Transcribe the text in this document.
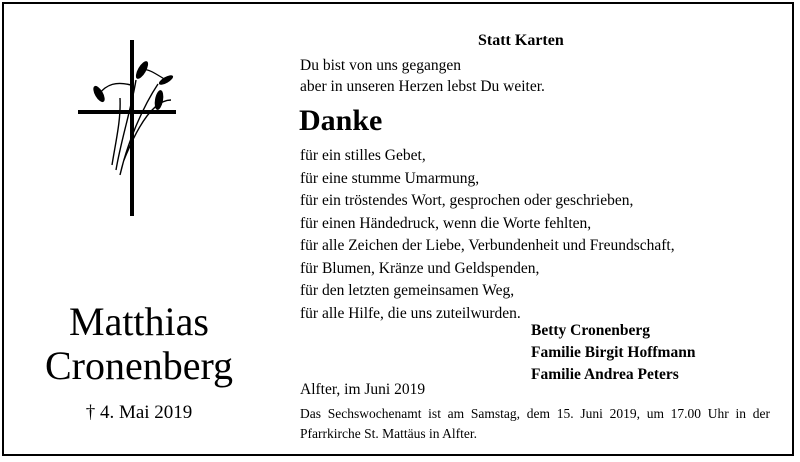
Matthias
Cronenberg
† 4. Mai 2019
Statt Karten
Du bist von uns gegangen
aber in unseren Herzen lebst Du weiter.
Danke
für ein stilles Gebet,
für eine stumme Umarmung,
für ein tröstendes Wort, gesprochen oder geschrieben,
für einen Händedruck, wenn die Worte fehlten,
für alle Zeichen der Liebe, Verbundenheit und Freundschaft,
für Blumen, Kränze und Geldspenden,
für den letzten gemeinsamen Weg,
für alle Hilfe, die uns zuteilwurden.
Betty Cronenberg
Familie Birgit Hoffmann
Familie Andrea Peters
Alfter, im Juni 2019
Das Sechswochenamt ist am Samstag, dem 15. Juni 2019, um 17.00 Uhr in der Pfarrkirche St. Mattäus in Alfter.
